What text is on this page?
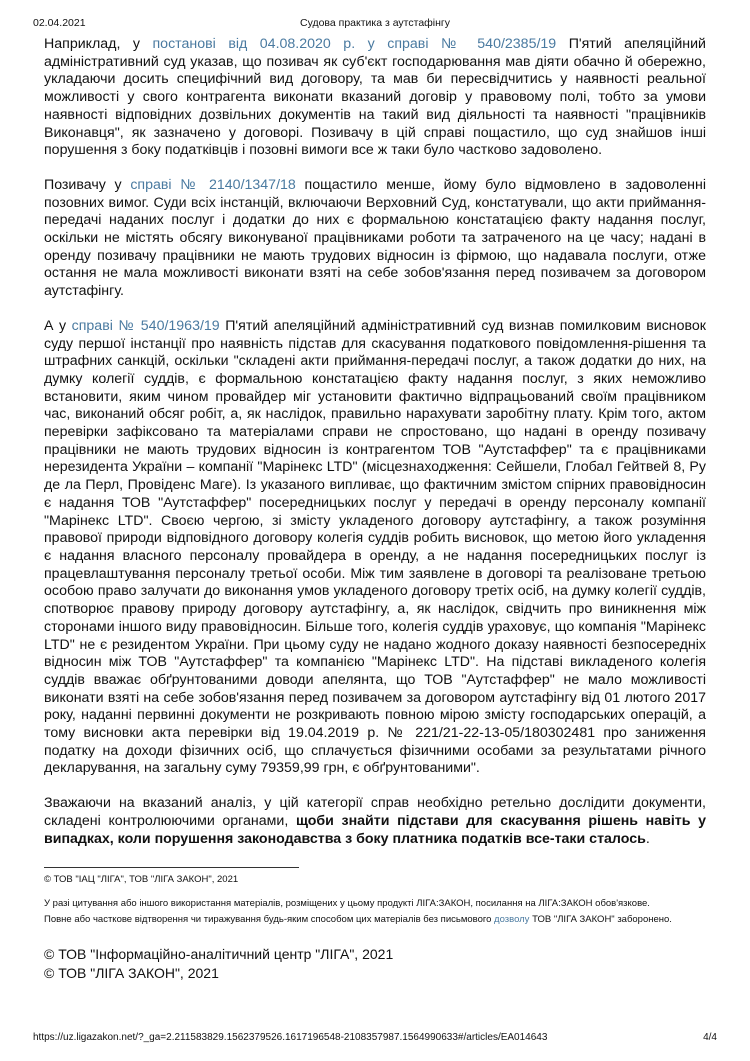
02.04.2021	Судова практика з аутстафінгу

Наприклад, у постанові від 04.08.2020 р. у справі № 540/2385/19 П'ятий апеляційний адміністративний суд указав, що позивач як суб'єкт господарювання мав діяти обачно й обережно, укладаючи досить специфічний вид договору, та мав би пересвідчитись у наявності реальної можливості у свого контрагента виконати вказаний договір у правовому полі, тобто за умови наявності відповідних дозвільних документів на такий вид діяльності та наявності "працівників Виконавця", як зазначено у договорі. Позивачу в цій справі пощастило, що суд знайшов інші порушення з боку податківців і позовні вимоги все ж таки було частково задоволено.

Позивачу у справі № 2140/1347/18 пощастило менше, йому було відмовлено в задоволенні позовних вимог. Суди всіх інстанцій, включаючи Верховний Суд, констатували, що акти приймання-передачі наданих послуг і додатки до них є формальною констатацією факту надання послуг, оскільки не містять обсягу виконуваної працівниками роботи та затраченого на це часу; надані в оренду позивачу працівники не мають трудових відносин із фірмою, що надавала послуги, отже остання не мала можливості виконати взяті на себе зобов'язання перед позивачем за договором аутстафінгу.

А у справі № 540/1963/19 П'ятий апеляційний адміністративний суд визнав помилковим висновок суду першої інстанції про наявність підстав для скасування податкового повідомлення-рішення та штрафних санкцій, оскільки "складені акти приймання-передачі послуг, а також додатки до них, на думку колегії суддів, є формальною констатацією факту надання послуг, з яких неможливо встановити, яким чином провайдер міг установити фактично відпрацьований своїм працівником час, виконаний обсяг робіт, а, як наслідок, правильно нарахувати заробітну плату. Крім того, актом перевірки зафіксовано та матеріалами справи не спростовано, що надані в оренду позивачу працівники не мають трудових відносин із контрагентом ТОВ "Аутстаффер" та є працівниками нерезидента України – компанії "Марінекс LTD" (місцезнаходження: Сейшели, Глобал Гейтвей 8, Ру де ла Перл, Провіденс Маге). Із указаного випливає, що фактичним змістом спірних правовідносин є надання ТОВ "Аутстаффер" посередницьких послуг у передачі в оренду персоналу компанії "Марінекс LTD". Своєю чергою, зі змісту укладеного договору аутстафінгу, а також розуміння правової природи відповідного договору колегія суддів робить висновок, що метою його укладення є надання власного персоналу провайдера в оренду, а не надання посередницьких послуг із працевлаштування персоналу третьої особи. Між тим заявлене в договорі та реалізоване третьою особою право залучати до виконання умов укладеного договору третіх осіб, на думку колегії суддів, спотворює правову природу договору аутстафінгу, а, як наслідок, свідчить про виникнення між сторонами іншого виду правовідносин. Більше того, колегія суддів ураховує, що компанія "Марінекс LTD" не є резидентом України. При цьому суду не надано жодного доказу наявності безпосередніх відносин між ТОВ "Аутстаффер" та компанією "Марінекс LTD". На підставі викладеного колегія суддів вважає обґрунтованими доводи апелянта, що ТОВ "Аутстаффер" не мало можливості виконати взяті на себе зобов'язання перед позивачем за договором аутстафінгу від 01 лютого 2017 року, наданні первинні документи не розкривають повною мірою змісту господарських операцій, а тому висновки акта перевірки від 19.04.2019 р. № 221/21-22-13-05/180302481 про заниження податку на доходи фізичних осіб, що сплачується фізичними особами за результатами річного декларування, на загальну суму 79359,99 грн, є обґрунтованими".

Зважаючи на вказаний аналіз, у цій категорії справ необхідно ретельно дослідити документи, складені контролюючими органами, щоби знайти підстави для скасування рішень навіть у випадках, коли порушення законодавства з боку платника податків все-таки сталось.

© ТОВ "ІАЦ "ЛІГА", ТОВ "ЛІГА ЗАКОН", 2021
У разі цитування або іншого використання матеріалів, розміщених у цьому продукті ЛІГА:ЗАКОН, посилання на ЛІГА:ЗАКОН обов'язкове.
Повне або часткове відтворення чи тиражування будь-яким способом цих матеріалів без письмового дозволу ТОВ "ЛІГА ЗАКОН" заборонено.
© ТОВ "Інформаційно-аналітичний центр "ЛІГА", 2021
© ТОВ "ЛІГА ЗАКОН", 2021
https://uz.ligazakon.net/?_ga=2.211583829.1562379526.1617196548-2108357987.1564990633#/articles/EA014643	4/4
